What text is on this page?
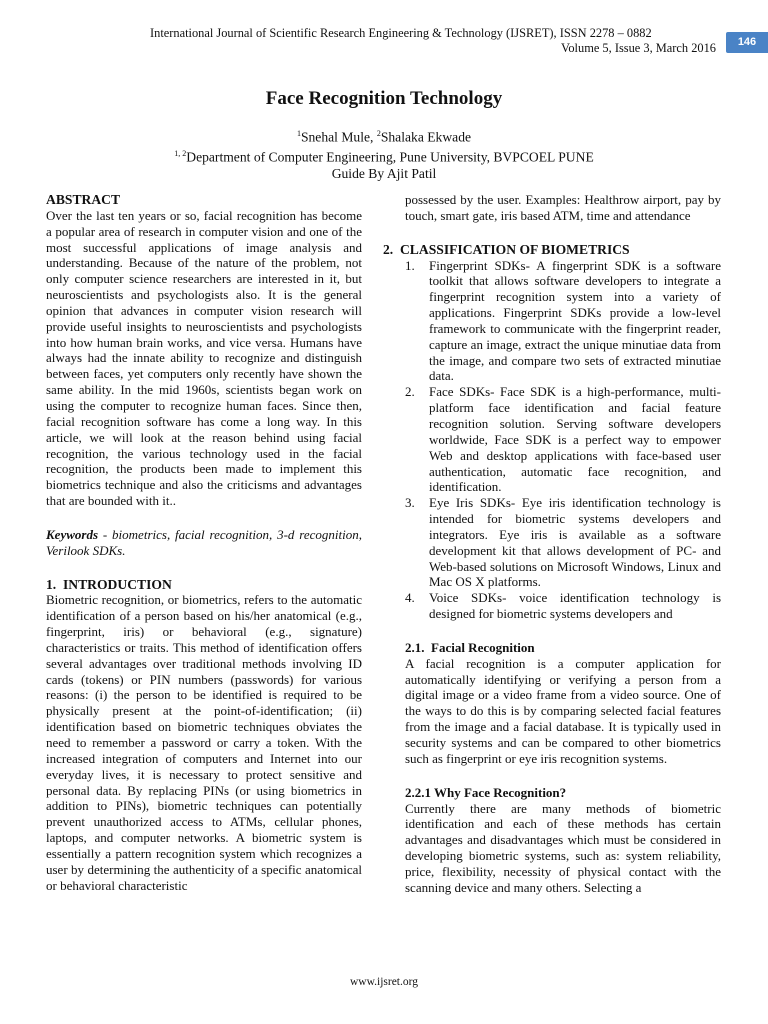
International Journal of Scientific Research Engineering & Technology (IJSRET), ISSN 2278 – 0882
Volume 5, Issue 3, March 2016	146
Face Recognition Technology
$^1$Snehal Mule, $^2$Shalaka Ekwade
$^{1, 2}$Department of Computer Engineering, Pune University, BVPCOEL PUNE
Guide By Ajit Patil
ABSTRACT

Over the last ten years or so, facial recognition has become a popular area of research in computer vision and one of the most successful applications of image analysis and understanding. Because of the nature of the problem, not only computer science researchers are interested in it, but neuroscientists and psychologists also. It is the general opinion that advances in computer vision research will provide useful insights to neuroscientists and psychologists into how human brain works, and vice versa. Humans have always had the innate ability to recognize and distinguish between faces, yet computers only recently have shown the same ability. In the mid 1960s, scientists began work on using the computer to recognize human faces. Since then, facial recognition software has come a long way. In this article, we will look at the reason behind using facial recognition, the various technology used in the facial recognition, the products been made to implement this biometrics technique and also the criticisms and advantages that are bounded with it..

Keywords - biometrics, facial recognition, 3-d recognition, Verilook SDKs.

1.  INTRODUCTION

Biometric recognition, or biometrics, refers to the automatic identification of a person based on his/her anatomical (e.g., fingerprint, iris) or behavioral (e.g., signature) characteristics or traits. This method of identification offers several advantages over traditional methods involving ID cards (tokens) or PIN numbers (passwords) for various reasons: (i) the person to be identified is required to be physically present at the point-of-identification; (ii) identification based on biometric techniques obviates the need to remember a password or carry a token. With the increased integration of computers and Internet into our everyday lives, it is necessary to protect sensitive and personal data. By replacing PINs (or using biometrics in addition to PINs), biometric techniques can potentially prevent unauthorized access to ATMs, cellular phones, laptops, and computer networks. A biometric system is essentially a pattern recognition system which recognizes a user by determining the authenticity of a specific anatomical or behavioral characteristic

possessed by the user. Examples: Healthrow airport, pay by touch, smart gate, iris based ATM, time and attendance

2.  CLASSIFICATION OF BIOMETRICS
1. Fingerprint SDKs- A fingerprint SDK is a software toolkit that allows software developers to integrate a fingerprint recognition system into a variety of applications. Fingerprint SDKs provide a low-level framework to communicate with the fingerprint reader, capture an image, extract the unique minutiae data from the image, and compare two sets of extracted minutiae data.
2. Face SDKs- Face SDK is a high-performance, multi-platform face identification and facial feature recognition solution. Serving software developers worldwide, Face SDK is a perfect way to empower Web and desktop applications with face-based user authentication, automatic face recognition, and identification.
3. Eye Iris SDKs- Eye iris identification technology is intended for biometric systems developers and integrators. Eye iris is available as a software development kit that allows development of PC- and Web-based solutions on Microsoft Windows, Linux and Mac OS X platforms.
4. Voice SDKs- voice identification technology is designed for biometric systems developers and
2.1.  Facial Recognition

A facial recognition is a computer application for automatically identifying or verifying a person from a digital image or a video frame from a video source. One of the ways to do this is by comparing selected facial features from the image and a facial database. It is typically used in security systems and can be compared to other biometrics such as fingerprint or eye iris recognition systems.

2.2.1 Why Face Recognition?

Currently there are many methods of biometric identification and each of these methods has certain advantages and disadvantages which must be considered in developing biometric systems, such as: system reliability, price, flexibility, necessity of physical contact with the scanning device and many others. Selecting a

www.ijsret.org
